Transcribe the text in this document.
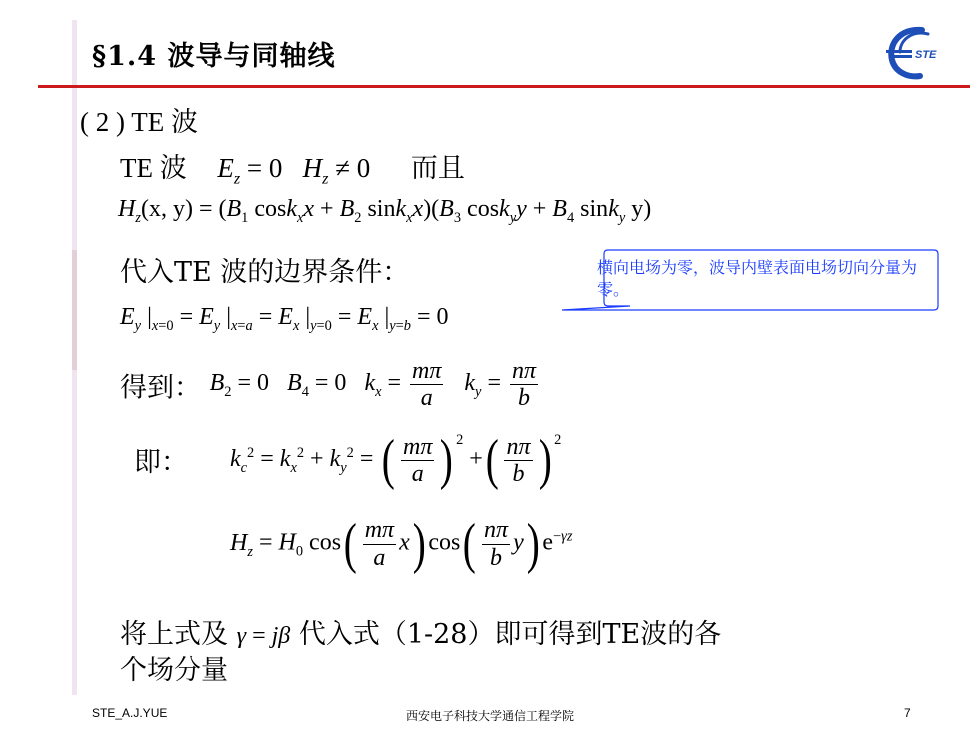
§1.4 波导与同轴线	STE
( 2 ) TE 波
TE 波 $E_z = 0$   $H_z \ne 0$ 而且
$H_z(x$, $y) = (B_1$ $\cos k_xx + B_2$ $\sin k_xx)(B_3$ $\cos k_yy + B_4$ sink$_y$ y)
代入TE 波的边界条件：	横向电场为零，波导内壁表面电场切向分量为零。
$E_y$ $|_{x=0} = E_y$ $|_{x=a} = E_x$ $|_{y=0} = E_x$ $|_{y=b} = 0$
得到： $B_2 = 0$   $B_4 = 0$   $k_x = \frac{m\pi}{a} k_y = \frac{n\pi}{b}$
即： $k_c^2 = k_x^2 + k_y^2$ = ( $\frac{m\pi}{a}$ ) $^2$ +( $\frac{n\pi}{b}$ ) $^2$
$H_z = H_0$ $\cos( \frac{m\pi}{a} x)$ $\cos( \frac{n\pi}{b} y)$ $e^{-\gamma z}$
将上式及 γ = jβ 代入式（1-28）即可得到TE波的各
个场分量
STE_A.J.YUE	西安电子科技大学通信工程学院	7
